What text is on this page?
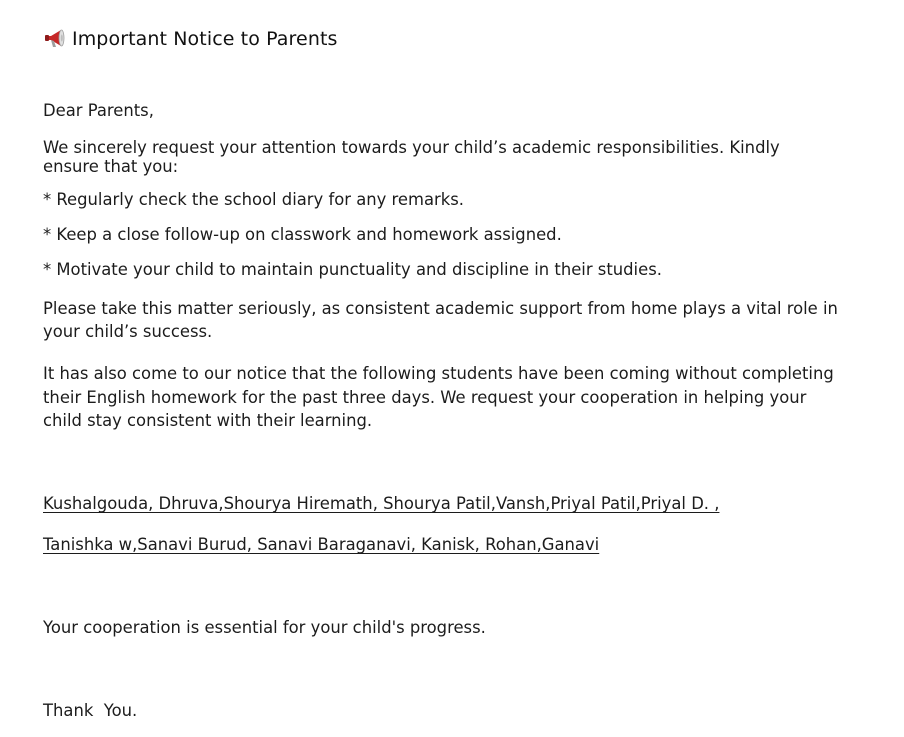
Important Notice to Parents

Dear Parents,

We sincerely request your attention towards your child’s academic responsibilities. Kindly

ensure that you:

* Regularly check the school diary for any remarks.

* Keep a close follow-up on classwork and homework assigned.

* Motivate your child to maintain punctuality and discipline in their studies.

Please take this matter seriously, as consistent academic support from home plays a vital role in

your child’s success.

It has also come to our notice that the following students have been coming without completing

their English homework for the past three days. We request your cooperation in helping your

child stay consistent with their learning.

Kushalgouda, Dhruva,Shourya Hiremath, Shourya Patil,Vansh,Priyal Patil,Priyal D. ,

Tanishka w,Sanavi Burud, Sanavi Baraganavi, Kanisk, Rohan,Ganavi

Your cooperation is essential for your child's progress.

Thank  You.
